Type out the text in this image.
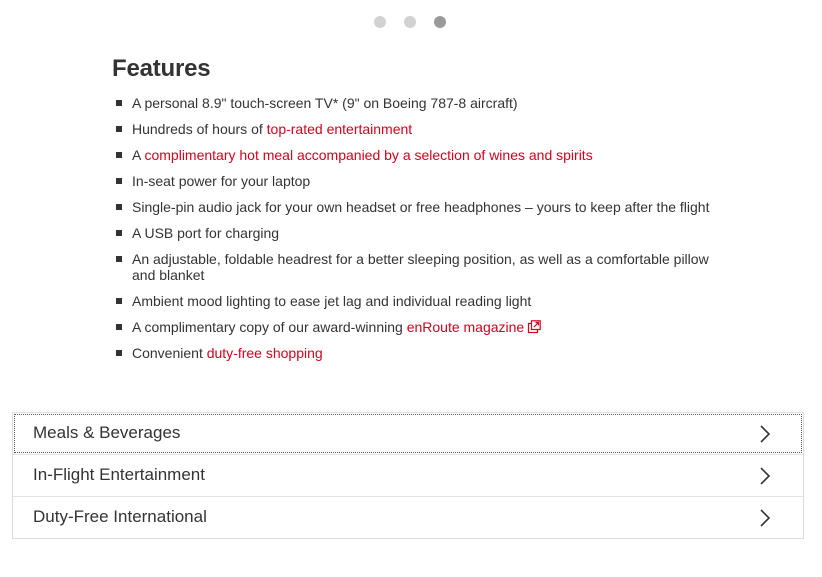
Features
A personal 8.9" touch-screen TV* (9" on Boeing 787-8 aircraft)
Hundreds of hours of top-rated entertainment
A complimentary hot meal accompanied by a selection of wines and spirits
In-seat power for your laptop
Single-pin audio jack for your own headset or free headphones – yours to keep after the flight
A USB port for charging
An adjustable, foldable headrest for a better sleeping position, as well as a comfortable pillow and blanket
Ambient mood lighting to ease jet lag and individual reading light
A complimentary copy of our award-winning enRoute magazine
Convenient duty-free shopping
Meals & Beverages
In-Flight Entertainment
Duty-Free International
